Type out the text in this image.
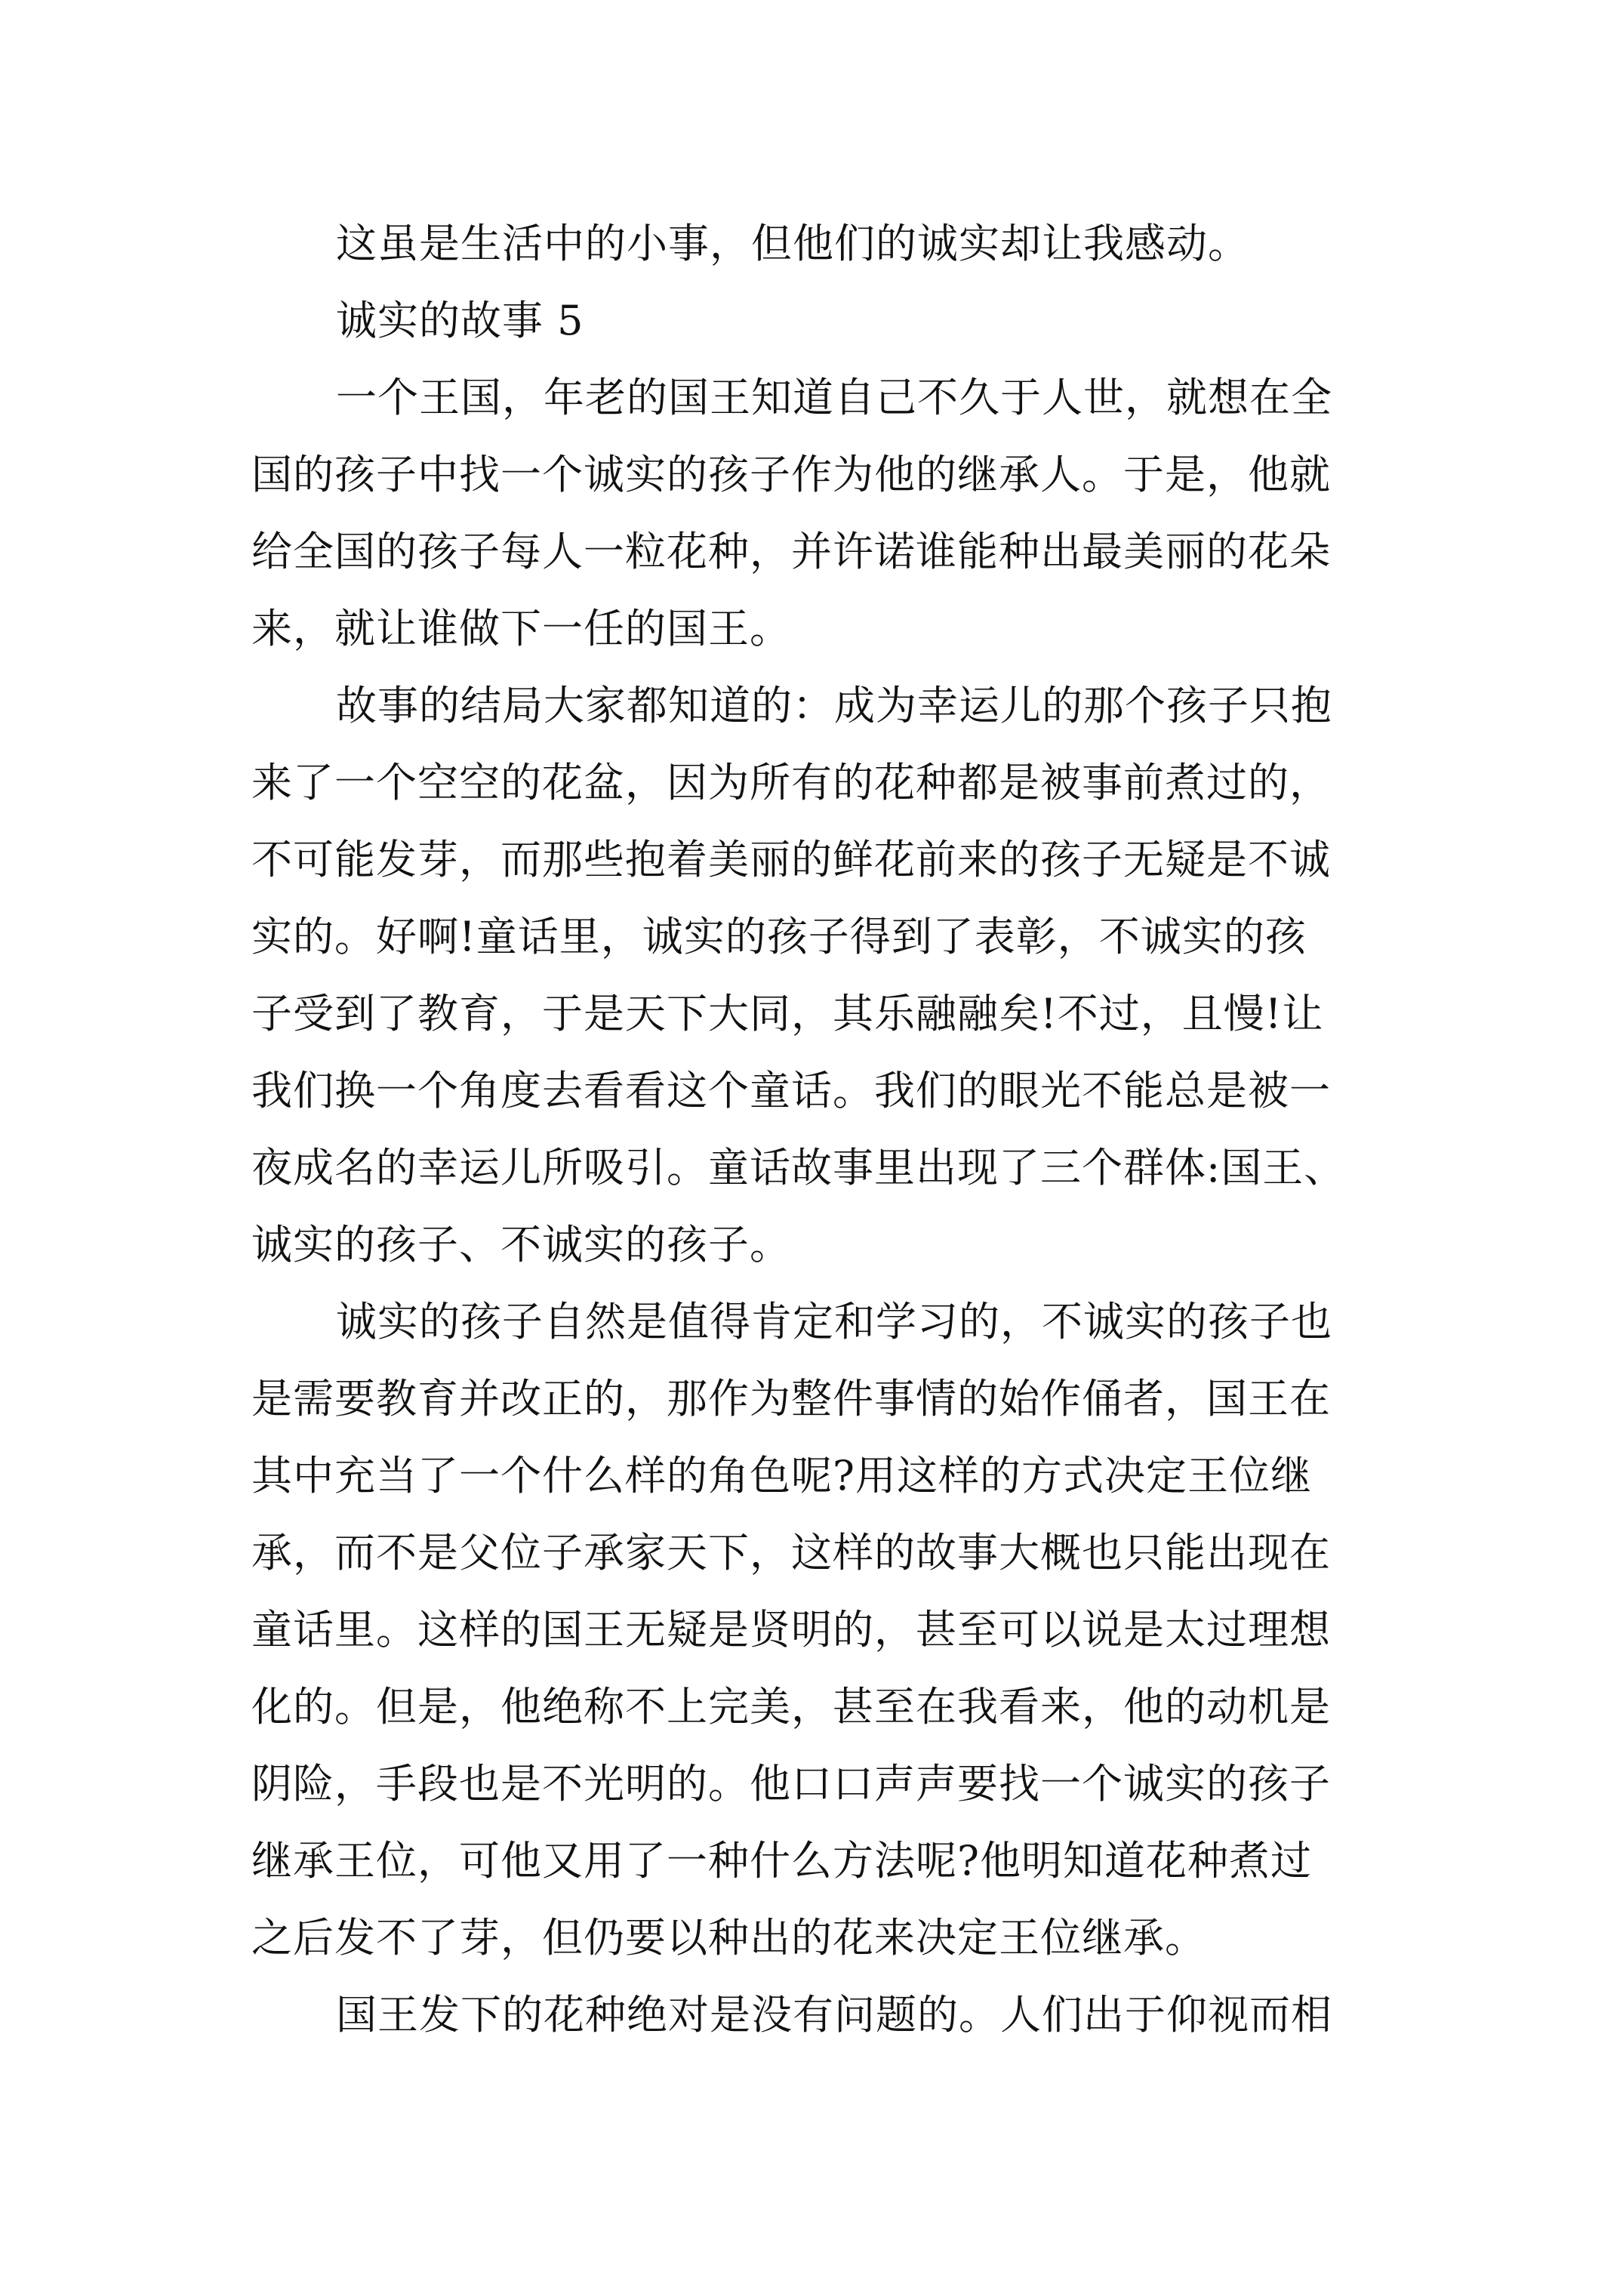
这虽是生活中的小事，但他们的诚实却让我感动。
诚实的故事 5
一个王国，年老的国王知道自己不久于人世，就想在全
国的孩子中找一个诚实的孩子作为他的继承人。于是，他就
给全国的孩子每人一粒花种，并许诺谁能种出最美丽的花朵
来，就让谁做下一任的国王。
故事的结局大家都知道的：成为幸运儿的那个孩子只抱
来了一个空空的花盆，因为所有的花种都是被事前煮过的，
不可能发芽，而那些抱着美丽的鲜花前来的孩子无疑是不诚
实的。好啊!童话里，诚实的孩子得到了表彰，不诚实的孩
子受到了教育，于是天下大同，其乐融融矣!不过，且慢!让
我们换一个角度去看看这个童话。我们的眼光不能总是被一
夜成名的幸运儿所吸引。童话故事里出现了三个群体:国王、
诚实的孩子、不诚实的孩子。
诚实的孩子自然是值得肯定和学习的，不诚实的孩子也
是需要教育并改正的，那作为整件事情的始作俑者，国王在
其中充当了一个什么样的角色呢?用这样的方式决定王位继
承，而不是父位子承家天下，这样的故事大概也只能出现在
童话里。这样的国王无疑是贤明的，甚至可以说是太过理想
化的。但是，他绝称不上完美，甚至在我看来，他的动机是
阴险，手段也是不光明的。他口口声声要找一个诚实的孩子
继承王位，可他又用了一种什么方法呢?他明知道花种煮过
之后发不了芽，但仍要以种出的花来决定王位继承。
国王发下的花种绝对是没有问题的。人们出于仰视而相
